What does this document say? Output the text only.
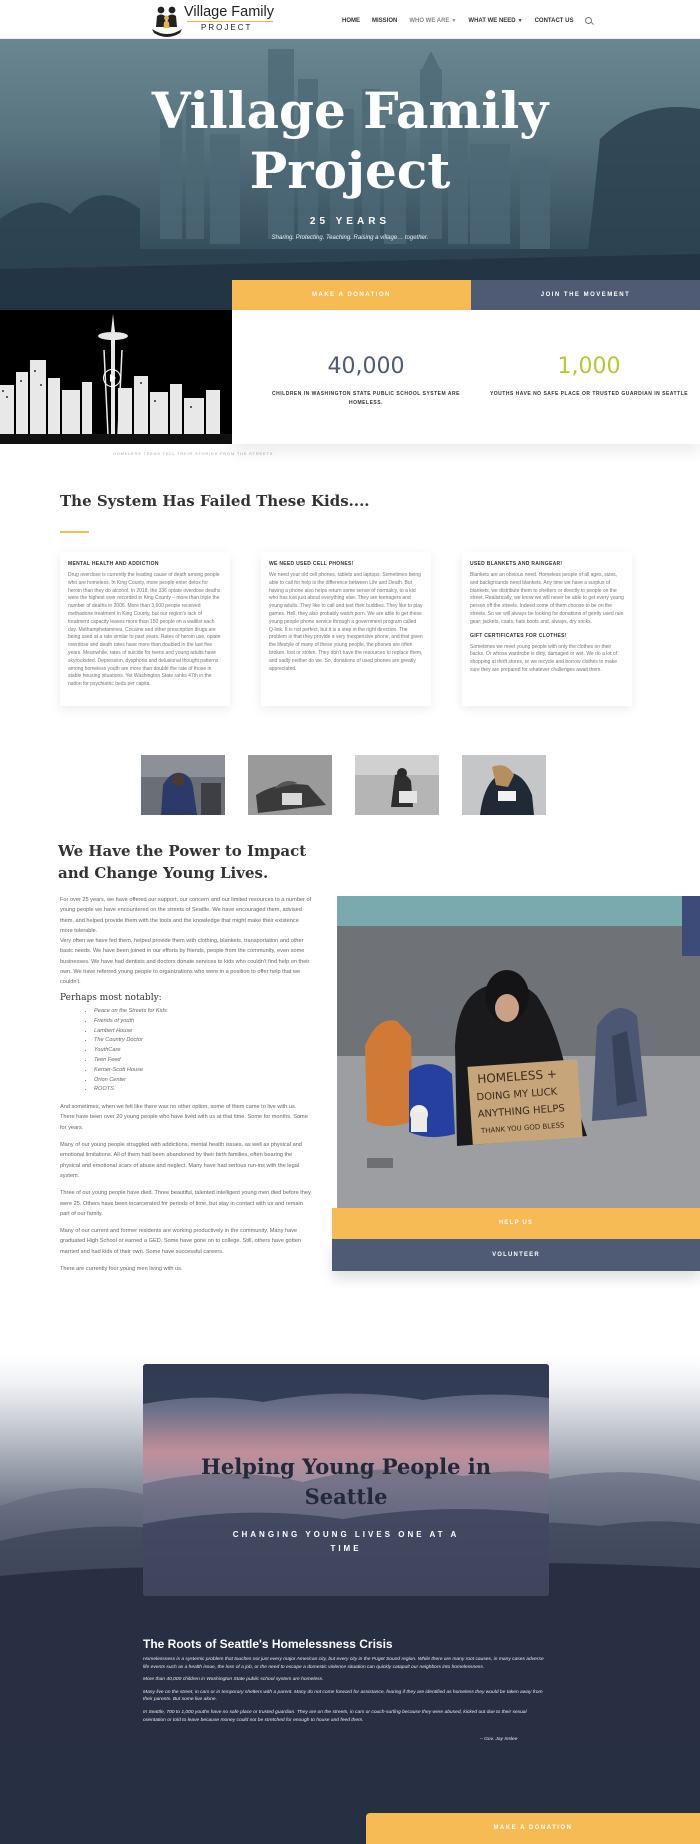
Village Family
PROJECT
HOME MISSION WHO WE ARE ▼ WHAT WE NEED ▼ CONTACT US
Village Family
Project
25 YEARS
Sharing. Protecting. Teaching. Raising a village… together.
MAKE A DONATION	JOIN THE MOVEMENT
HOMELESS TEENS TELL THEIR STORIES FROM THE STREETS
40,000
CHILDREN IN WASHINGTON STATE PUBLIC SCHOOL SYSTEM ARE HOMELESS.
1,000
YOUTHS HAVE NO SAFE PLACE OR TRUSTED GUARDIAN IN SEATTLE
The System Has Failed These Kids....
MENTAL HEALTH AND ADDICTION
Drug overdose is currently the leading cause of death among people who are homeless. In King County, more people enter detox for heroin than they do alcohol. In 2018, the 336 opiate overdose deaths were the highest ever recorded in King County – more than triple the number of deaths in 2006. More than 3,600 people received methadone treatment in King County, but our region's lack of treatment capacity leaves more than 150 people on a waitlist each day. Methamphetamines, Cocaine and other prescription drugs are being used at a rate similar to past years. Rates of heroin use, opiate overdose and death rates have more than doubled in the last five years. Meanwhile, rates of suicide for teens and young adults have skyrocketed. Depression, dysphoria and delusional thought patterns among homeless youth are more than double the rate of those in stable housing situations. Yet Washington State ranks 47th in the nation for psychiatric beds per capita.
WE NEED USED CELL PHONES!
We need your old cell phones, tablets and laptops. Sometimes being able to call for help is the difference between Life and Death. But having a phone also helps return some sense of normalcy, to a kid who has lost just about everything else. They are teenagers and young adults. They like to call and text their buddies. They like to play games. Hell, they also probably watch porn. We are able to get these young people phone service through a government program called Q-link. It is not perfect, but it is a step in the right direction. The problem is that they provide a very inexpensive phone, and that given the lifestyle of many of these young people, the phones are often broken, lost or stolen. They don't have the resources to replace them, and sadly neither do we. So, donations of used phones are greatly appreciated.
USED BLANKETS AND RAINGEAR!
Blankets are an obvious need. Homeless people of all ages, sizes, and backgrounds need blankets. Any time we have a surplus of blankets, we distribute them to shelters or directly to people on the street. Realistically, we know we will never be able to get every young person off the streets. Indeed some of them choose to be on the streets. So we will always be looking for donations of gently used rain gear; jackets, coats, hats boots and, always, dry socks.
GIFT CERTIFICATES FOR CLOTHES!
Sometimes we meet young people with only the clothes on their backs. Or whose wardrobe is dirty, damaged or wet. We do a lot of shopping at thrift stores, or we recycle and borrow clothes to make sure they are prepared for whatever challenges await them.
We Have the Power to Impact
and Change Young Lives.

For over 25 years, we have offered our support, our concern and our limited resources to a number of young people we have encountered on the streets of Seattle. We have encouraged them, advised them, and helped provide them with the tools and the knowledge that might make their existence more tolerable.

Very often we have fed them, helped provide them with clothing, blankets, transportation and other basic needs. We have been joined in our efforts by friends, people from the community, even some businesses. We have had dentists and doctors donate services to kids who couldn't find help on their own. We have referred young people to organizations who were in a position to offer help that we couldn't.

Perhaps most notably:
• Peace on the Streets for Kids
• Friends of youth
• Lambert House
• The Country Doctor
• YouthCare
• Teen Feed
• Kerner-Scott House
• Orion Center
• ROOTS

And sometimes, when we felt like there was no other option, some of them came to live with us. There have been over 20 young people who have lived with us at that time. Some for months. Some for years.

Many of our young people struggled with addictions, mental health issues, as well as physical and emotional limitations. All of them had been abandoned by their birth families, often bearing the physical and emotional scars of abuse and neglect. Many have had serious run-ins with the legal system.

Three of our young people have died. Three beautiful, talented intelligent young men died before they were 25. Others have been incarcerated for periods of time, but stay in contact with us and remain part of our family.

Many of our current and former residents are working productively in the community. Many have graduated High School or earned a GED. Some have gone on to college. Still, others have gotten married and had kids of their own. Some have successful careers.

There are currently four young men living with us.

HOMELESS +
DOING MY LUCK
ANYTHING HELPS
THANK YOU GOD BLESS
HELP US
VOLUNTEER
Helping Young People in
Seattle
CHANGING YOUNG LIVES ONE AT A
TIME
The Roots of Seattle's Homelessness Crisis

Homelessness is a systemic problem that touches not just every major American city, but every city in the Puget Sound region. While there are many root causes, in many cases adverse life events such as a health issue, the loss of a job, or the need to escape a domestic violence situation can quickly catapult our neighbors into homelessness.

More than 40,000 children in Washington State public school system are homeless.

Many live on the street, in cars or in temporary shelters with a parent. Many do not come forward for assistance, fearing if they are identified as homeless they would be taken away from their parents. But some live alone.

In Seattle, 700 to 1,000 youths have no safe place or trusted guardian. They are on the streets, in cars or couch-surfing because they were abused, kicked out due to their sexual orientation or told to leave because money could not be stretched for enough to house and feed them.

– Gov. Jay Inslee
MAKE A DONATION
